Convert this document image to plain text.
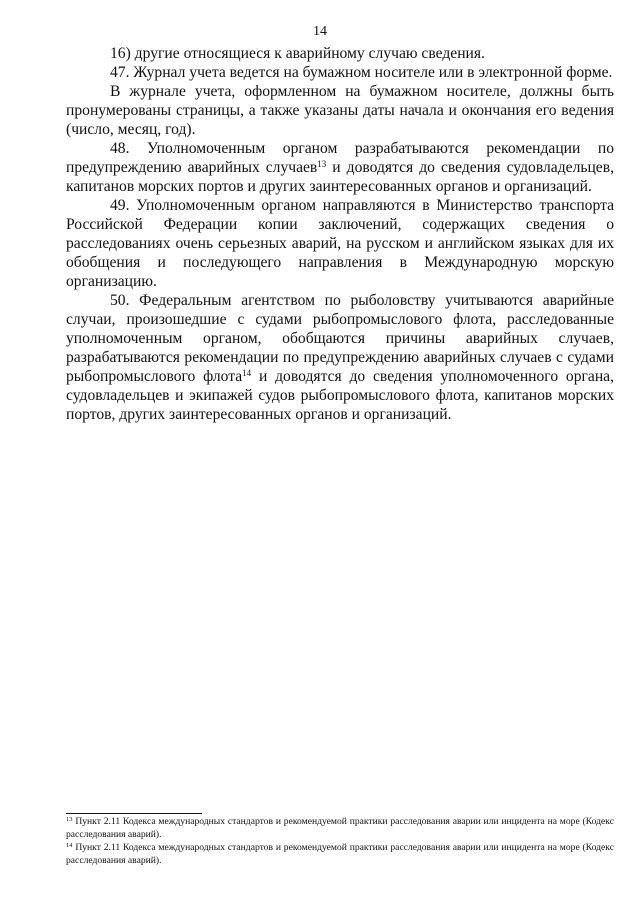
14

16) другие относящиеся к аварийному случаю сведения.

47. Журнал учета ведется на бумажном носителе или в электронной форме.

В журнале учета, оформленном на бумажном носителе, должны быть пронумерованы страницы, а также указаны даты начала и окончания его ведения (число, месяц, год).

48. Уполномоченным органом разрабатываются рекомендации по предупреждению аварийных случаев$^{13}$ и доводятся до сведения судовладельцев, капитанов морских портов и других заинтересованных органов и организаций.

49. Уполномоченным органом направляются в Министерство транспорта Российской Федерации копии заключений, содержащих сведения о расследованиях очень серьезных аварий, на русском и английском языках для их обобщения и последующего направления в Международную морскую организацию.

50. Федеральным агентством по рыболовству учитываются аварийные случаи, произошедшие с судами рыбопромыслового флота, расследованные уполномоченным органом, обобщаются причины аварийных случаев, разрабатываются рекомендации по предупреждению аварийных случаев с судами рыбопромыслового флота$^{14}$ и доводятся до сведения уполномоченного органа, судовладельцев и экипажей судов рыбопромыслового флота, капитанов морских портов, других заинтересованных органов и организаций.

$^{13}$ Пункт 2.11 Кодекса международных стандартов и рекомендуемой практики расследования аварии или инцидента на море (Кодекс расследования аварий).

$^{14}$ Пункт 2.11 Кодекса международных стандартов и рекомендуемой практики расследования аварии или инцидента на море (Кодекс расследования аварий).
